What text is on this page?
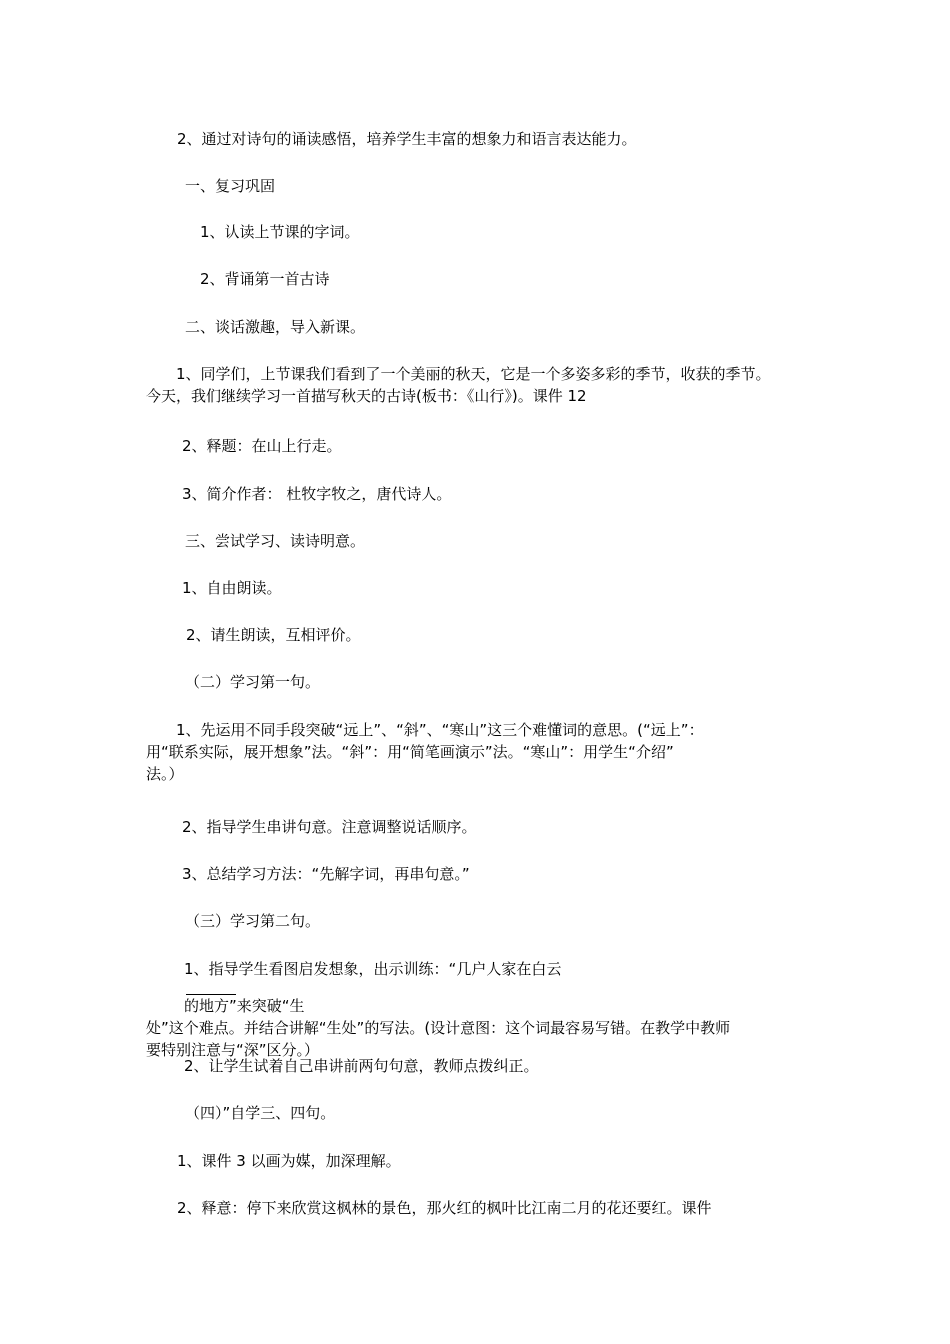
2、通过对诗句的诵读感悟，培养学生丰富的想象力和语言表达能力。
一、复习巩固
1、认读上节课的字词。
2、背诵第一首古诗
二、谈话激趣，导入新课。
1、同学们，上节课我们看到了一个美丽的秋天，它是一个多姿多彩的季节，收获的季节。
今天，我们继续学习一首描写秋天的古诗(板书：《山行》)。课件 12
2、释题：在山上行走。
3、简介作者： 杜牧字牧之，唐代诗人。
三、尝试学习、读诗明意。
1、自由朗读。
2、请生朗读，互相评价。
（二）学习第一句。
1、先运用不同手段突破“远上”、“斜”、“寒山”这三个难懂词的意思。(“远上”：
用“联系实际，展开想象”法。“斜”：用“简笔画演示”法。“寒山”：用学生“介绍”
法。）
2、指导学生串讲句意。注意调整说话顺序。
3、总结学习方法：“先解字词，再串句意。”
（三）学习第二句。
1、指导学生看图启发想象，出示训练：“几户人家在白云
的地方”来突破“生
处”这个难点。并结合讲解“生处”的写法。(设计意图：这个词最容易写错。在教学中教师
要特别注意与“深”区分。）
2、让学生试着自己串讲前两句句意，教师点拨纠正。
（四）”自学三、四句。
1、课件 3 以画为媒，加深理解。
2、释意：停下来欣赏这枫林的景色，那火红的枫叶比江南二月的花还要红。课件
